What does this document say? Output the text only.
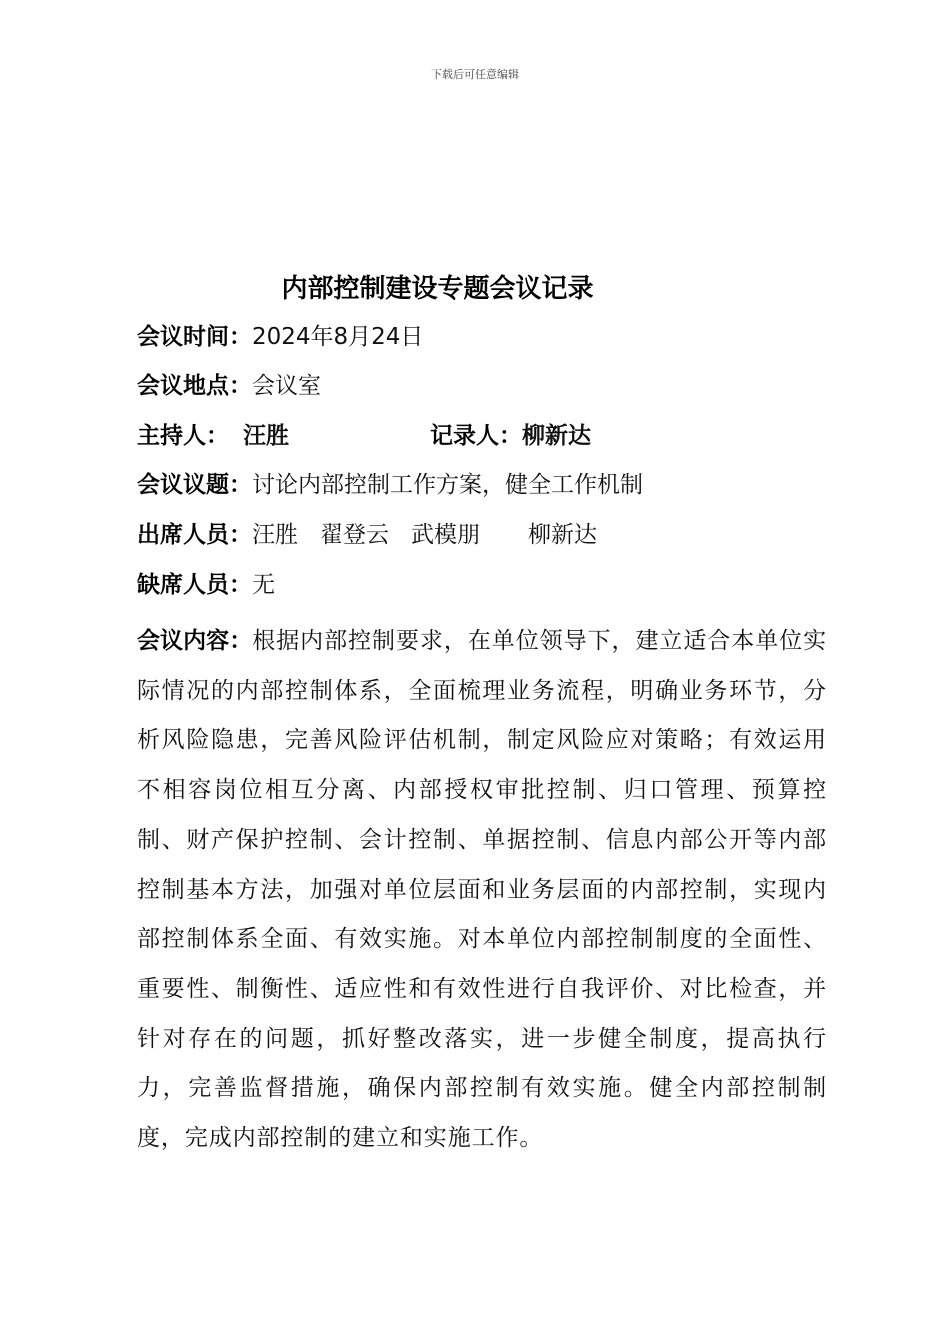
下载后可任意编辑
内部控制建设专题会议记录
会议时间：2024年8月24日
会议地点：会议室
主持人： 汪胜	记录人：柳新达
会议议题：讨论内部控制工作方案，健全工作机制
出席人员：汪胜 翟登云 武模朋 柳新达
缺席人员：无
会议内容：根据内部控制要求，在单位领导下，建立适合本单位实际情况的内部控制体系，全面梳理业务流程，明确业务环节，分析风险隐患，完善风险评估机制，制定风险应对策略；有效运用不相容岗位相互分离、内部授权审批控制、归口管理、预算控制、财产保护控制、会计控制、单据控制、信息内部公开等内部控制基本方法，加强对单位层面和业务层面的内部控制，实现内部控制体系全面、有效实施。对本单位内部控制制度的全面性、重要性、制衡性、适应性和有效性进行自我评价、对比检查，并针对存在的问题，抓好整改落实，进一步健全制度，提高执行力，完善监督措施，确保内部控制有效实施。健全内部控制制度，完成内部控制的建立和实施工作。
